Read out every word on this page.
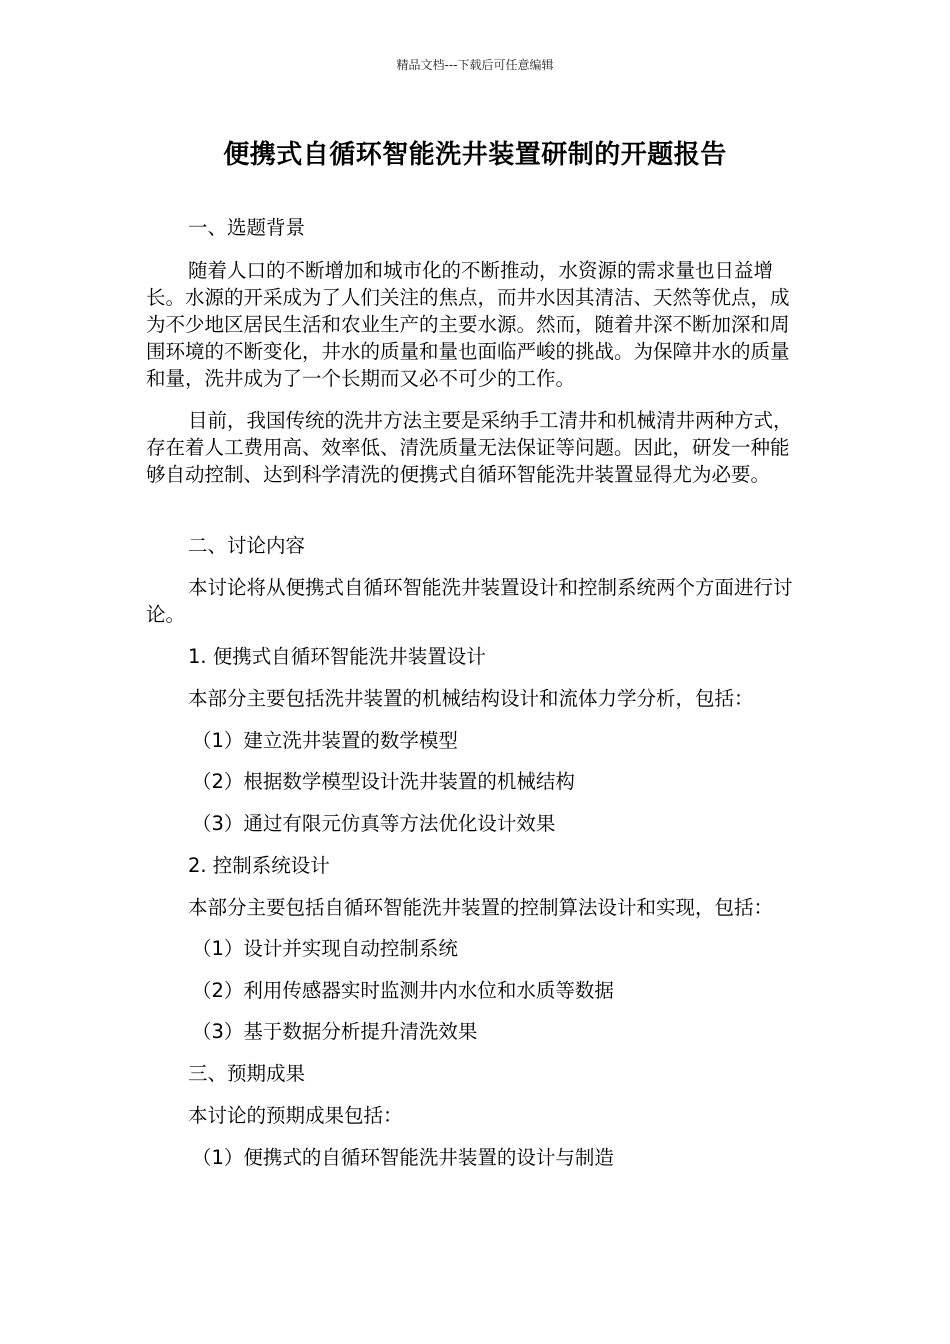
精品文档---下载后可任意编辑
便携式自循环智能洗井装置研制的开题报告
一、选题背景

随着人口的不断增加和城市化的不断推动，水资源的需求量也日益增长。水源的开采成为了人们关注的焦点，而井水因其清洁、天然等优点，成为不少地区居民生活和农业生产的主要水源。然而，随着井深不断加深和周围环境的不断变化，井水的质量和量也面临严峻的挑战。为保障井水的质量和量，洗井成为了一个长期而又必不可少的工作。

目前，我国传统的洗井方法主要是采纳手工清井和机械清井两种方式，存在着人工费用高、效率低、清洗质量无法保证等问题。因此，研发一种能够自动控制、达到科学清洗的便携式自循环智能洗井装置显得尤为必要。

二、讨论内容

本讨论将从便携式自循环智能洗井装置设计和控制系统两个方面进行讨论。

1. 便携式自循环智能洗井装置设计
本部分主要包括洗井装置的机械结构设计和流体力学分析，包括：
（1）建立洗井装置的数学模型
（2）根据数学模型设计洗井装置的机械结构
（3）通过有限元仿真等方法优化设计效果
2. 控制系统设计
本部分主要包括自循环智能洗井装置的控制算法设计和实现，包括：
（1）设计并实现自动控制系统
（2）利用传感器实时监测井内水位和水质等数据
（3）基于数据分析提升清洗效果
三、预期成果
本讨论的预期成果包括：
（1）便携式的自循环智能洗井装置的设计与制造
